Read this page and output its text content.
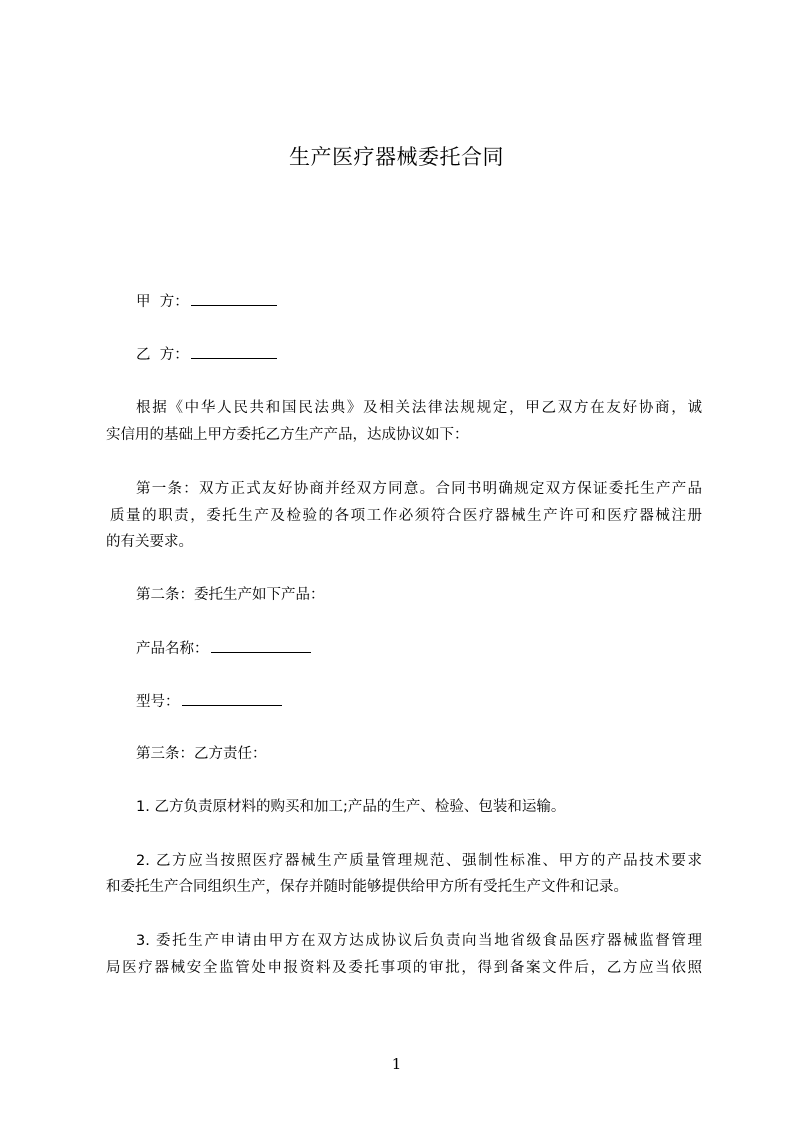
生产医疗器械委托合同
甲  方：
乙  方：
根据《中华人民共和国民法典》及相关法律法规规定，甲乙双方在友好协商，诚
实信用的基础上甲方委托乙方生产产品，达成协议如下：
第一条：双方正式友好协商并经双方同意。合同书明确规定双方保证委托生产产品
质量的职责，委托生产及检验的各项工作必须符合医疗器械生产许可和医疗器械注册
的有关要求。
第二条：委托生产如下产品：
产品名称：
型号：
第三条：乙方责任：
1. 乙方负责原材料的购买和加工;产品的生产、检验、包装和运输。
2. 乙方应当按照医疗器械生产质量管理规范、强制性标准、甲方的产品技术要求
和委托生产合同组织生产，保存并随时能够提供给甲方所有受托生产文件和记录。
3. 委托生产申请由甲方在双方达成协议后负责向当地省级食品医疗器械监督管理
局医疗器械安全监管处申报资料及委托事项的审批，得到备案文件后，乙方应当依照
1
